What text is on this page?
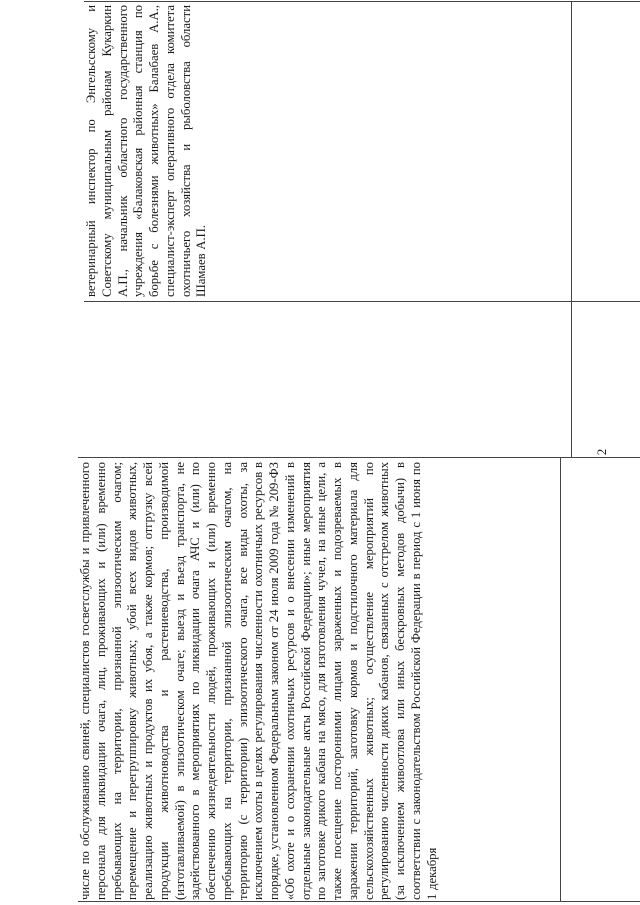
2
числе по обслуживанию свиней, специалистов госветслужбы и привлеченного персонала для ликвидации очага, лиц, проживающих и (или) временно пребывающих на территории, признанной эпизоотическим очагом; перемещение и перегруппировку животных; убой всех видов животных, реализацию животных и продуктов их убоя, а также кормов; отгрузку всей продукции животноводства и растениеводства, производимой (изготавливаемой) в эпизоотическом очаге; выезд и въезд транспорта, не задействованного в мероприятиях по ликвидации очага АЧС и (или) по обеспечению жизнедеятельности людей, проживающих и (или) временно пребывающих на территории, признанной эпизоотическим очагом, на территорию (с территории) эпизоотического очага, все виды охоты, за исключением охоты в целях регулирования численности охотничьих ресурсов в порядке, установленном Федеральным законом от 24 июля 2009 года № 209-ФЗ «Об охоте и о сохранении охотничьих ресурсов и о внесении изменений в отдельные законодательные акты Российской Федерации»; иные мероприятия по заготовке дикого кабана на мясо, для изготовления чучел, на иные цели, а также посещение посторонними лицами зараженных и подозреваемых в заражении территорий, заготовку кормов и подстилочного материала для сельскохозяйственных животных; осуществление мероприятий по регулированию численности диких кабанов, связанных с отстрелом животных (за исключением живоотлова или иных бескровных методов добычи) в соответствии с законодательством Российской Федерации в период с 1 июня по 1 декабря
ветеринарный инспектор по Энгельсскому и Советскому муниципальным районам Кукаркин А.П., начальник областного государственного учреждения «Балаковская районная станция по борьбе с болезнями животных» Балабаев А.А., специалист-эксперт оперативного отдела комитета охотничьего хозяйства и рыболовства области Шамаев А.П.
